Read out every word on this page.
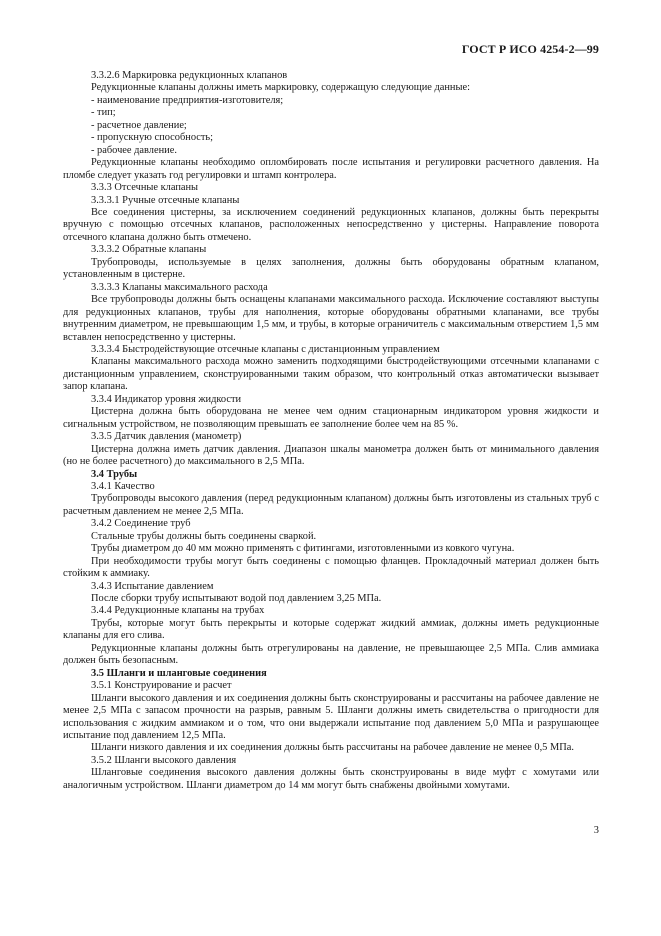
ГОСТ Р ИСО 4254-2—99

3.3.2.6 Маркировка редукционных клапанов

Редукционные клапаны должны иметь маркировку, содержащую следующие данные:

- наименование предприятия-изготовителя;

- тип;

- расчетное давление;

- пропускную способность;

- рабочее давление.

Редукционные клапаны необходимо опломбировать после испытания и регулировки расчетного давления. На пломбе следует указать год регулировки и штамп контролера.

3.3.3 Отсечные клапаны

3.3.3.1 Ручные отсечные клапаны

Все соединения цистерны, за исключением соединений редукционных клапанов, должны быть перекрыты вручную с помощью отсечных клапанов, расположенных непосредственно у цистерны. Направление поворота отсечного клапана должно быть отмечено.

3.3.3.2 Обратные клапаны

Трубопроводы, используемые в целях заполнения, должны быть оборудованы обратным клапаном, установленным в цистерне.

3.3.3.3 Клапаны максимального расхода

Все трубопроводы должны быть оснащены клапанами максимального расхода. Исключение составляют выступы для редукционных клапанов, трубы для наполнения, которые оборудованы обратными клапанами, все трубы внутренним диаметром, не превышающим 1,5 мм, и трубы, в которые ограничитель с максимальным отверстием 1,5 мм вставлен непосредственно у цистерны.

3.3.3.4 Быстродействующие отсечные клапаны с дистанционным управлением

Клапаны максимального расхода можно заменить подходящими быстродействующими отсечными клапанами с дистанционным управлением, сконструированными таким образом, что контрольный отказ автоматически вызывает запор клапана.

3.3.4 Индикатор уровня жидкости

Цистерна должна быть оборудована не менее чем одним стационарным индикатором уровня жидкости и сигнальным устройством, не позволяющим превышать ее заполнение более чем на 85 %.

3.3.5 Датчик давления (манометр)

Цистерна должна иметь датчик давления. Диапазон шкалы манометра должен быть от минимального давления (но не более расчетного) до максимального в 2,5 МПа.

3.4 Трубы

3.4.1 Качество

Трубопроводы высокого давления (перед редукционным клапаном) должны быть изготовлены из стальных труб с расчетным давлением не менее 2,5 МПа.

3.4.2 Соединение труб

Стальные трубы должны быть соединены сваркой.

Трубы диаметром до 40 мм можно применять с фитингами, изготовленными из ковкого чугуна.

При необходимости трубы могут быть соединены с помощью фланцев. Прокладочный материал должен быть стойким к аммиаку.

3.4.3 Испытание давлением

После сборки трубу испытывают водой под давлением 3,25 МПа.

3.4.4 Редукционные клапаны на трубах

Трубы, которые могут быть перекрыты и которые содержат жидкий аммиак, должны иметь редукционные клапаны для его слива.

Редукционные клапаны должны быть отрегулированы на давление, не превышающее 2,5 МПа. Слив аммиака должен быть безопасным.

3.5 Шланги и шланговые соединения

3.5.1 Конструирование и расчет

Шланги высокого давления и их соединения должны быть сконструированы и рассчитаны на рабочее давление не менее 2,5 МПа с запасом прочности на разрыв, равным 5. Шланги должны иметь свидетельства о пригодности для использования с жидким аммиаком и о том, что они выдержали испытание под давлением 5,0 МПа и разрушающее испытание под давлением 12,5 МПа.

Шланги низкого давления и их соединения должны быть рассчитаны на рабочее давление не менее 0,5 МПа.

3.5.2 Шланги высокого давления

Шланговые соединения высокого давления должны быть сконструированы в виде муфт с хомутами или аналогичным устройством. Шланги диаметром до 14 мм могут быть снабжены двойными хомутами.

3
